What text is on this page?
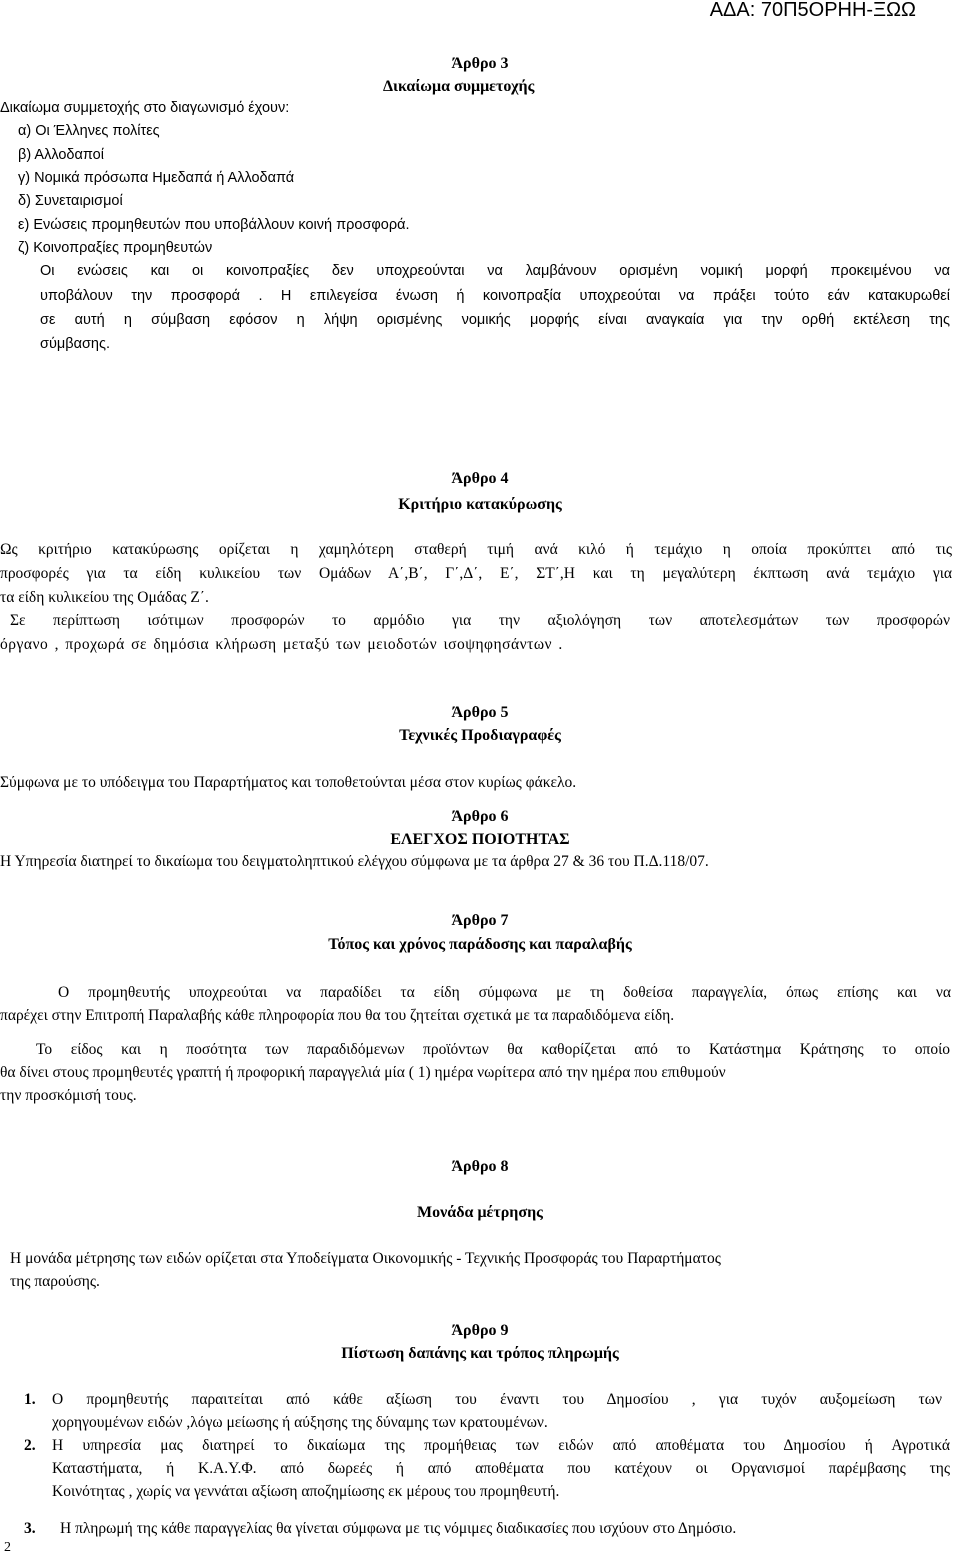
ΑΔΑ: 70Π5ΟΡΗΗ-ΞΩΩ
Άρθρο 3
Δικαίωμα συμμετοχής
Δικαίωμα συμμετοχής στο διαγωνισμό έχουν:
α) Οι Έλληνες πολίτες
β) Αλλοδαποί
γ) Νομικά πρόσωπα Ημεδαπά ή Αλλοδαπά
δ) Συνεταιρισμοί
ε) Ενώσεις προμηθευτών που υποβάλλουν κοινή προσφορά.
ζ) Κοινοπραξίες προμηθευτών
Οι ενώσεις και οι κοινοπραξίες δεν υποχρεούνται να λαμβάνουν ορισμένη νομική μορφή προκειμένου να
υποβάλουν την προσφορά . Η επιλεγείσα ένωση ή κοινοπραξία υποχρεούται να πράξει τούτο εάν κατακυρωθεί
σε αυτή η σύμβαση εφόσον η λήψη ορισμένης νομικής μορφής είναι αναγκαία για την ορθή εκτέλεση της
σύμβασης.
Άρθρο 4
Κριτήριο κατακύρωσης
Ως κριτήριο κατακύρωσης ορίζεται η χαμηλότερη σταθερή τιμή ανά κιλό ή τεμάχιο η οποία προκύπτει από τις
προσφορές για τα είδη κυλικείου των Ομάδων Α΄,Β΄, Γ΄,Δ΄, Ε΄, ΣΤ΄,Η και τη μεγαλύτερη έκπτωση ανά τεμάχιο για
τα είδη κυλικείου της Ομάδας Ζ΄.
Σε περίπτωση ισότιμων προσφορών το αρμόδιο για την αξιολόγηση των αποτελεσμάτων των προσφορών
όργανο , προχωρά σε δημόσια κλήρωση μεταξύ των μειοδοτών ισοψηφησάντων .
Άρθρο 5
Τεχνικές Προδιαγραφές
Σύμφωνα με το υπόδειγμα του Παραρτήματος και τοποθετούνται μέσα στον κυρίως φάκελο.
Άρθρο 6
ΕΛΕΓΧΟΣ ΠΟΙΟΤΗΤΑΣ
Η Υπηρεσία διατηρεί το δικαίωμα του δειγματοληπτικού ελέγχου σύμφωνα με τα άρθρα 27 & 36 του Π.Δ.118/07.
Άρθρο 7
Τόπος και χρόνος παράδοσης και παραλαβής
Ο προμηθευτής υποχρεούται να παραδίδει τα είδη σύμφωνα με τη δοθείσα παραγγελία, όπως επίσης και να
παρέχει στην Επιτροπή Παραλαβής κάθε πληροφορία που θα του ζητείται σχετικά με τα παραδιδόμενα είδη.
Το είδος και η ποσότητα των παραδιδόμενων προϊόντων θα καθορίζεται από το Κατάστημα Κράτησης το οποίο
θα δίνει στους προμηθευτές γραπτή ή προφορική παραγγελιά μία ( 1) ημέρα νωρίτερα από την ημέρα που επιθυμούν
την προσκόμισή τους.
Άρθρο 8
Μονάδα μέτρησης
Η μονάδα μέτρησης των ειδών ορίζεται στα Υποδείγματα Οικονομικής - Τεχνικής Προσφοράς του Παραρτήματος
της παρούσης.
Άρθρο 9
Πίστωση δαπάνης και τρόπος πληρωμής
1. Ο προμηθευτής παραιτείται από κάθε αξίωση του έναντι του Δημοσίου , για τυχόν αυξομείωση των
χορηγουμένων ειδών ,λόγω μείωσης ή αύξησης της δύναμης των κρατουμένων.
2. Η υπηρεσία μας διατηρεί το δικαίωμα της προμήθειας των ειδών από αποθέματα του Δημοσίου ή Αγροτικά
Καταστήματα, ή Κ.Α.Υ.Φ. από δωρεές ή από αποθέματα που κατέχουν οι Οργανισμοί παρέμβασης της
Κοινότητας , χωρίς να γεννάται αξίωση αποζημίωσης εκ μέρους του προμηθευτή.
3. Η πληρωμή της κάθε παραγγελίας θα γίνεται σύμφωνα με τις νόμιμες διαδικασίες που ισχύουν στο Δημόσιο.
2
